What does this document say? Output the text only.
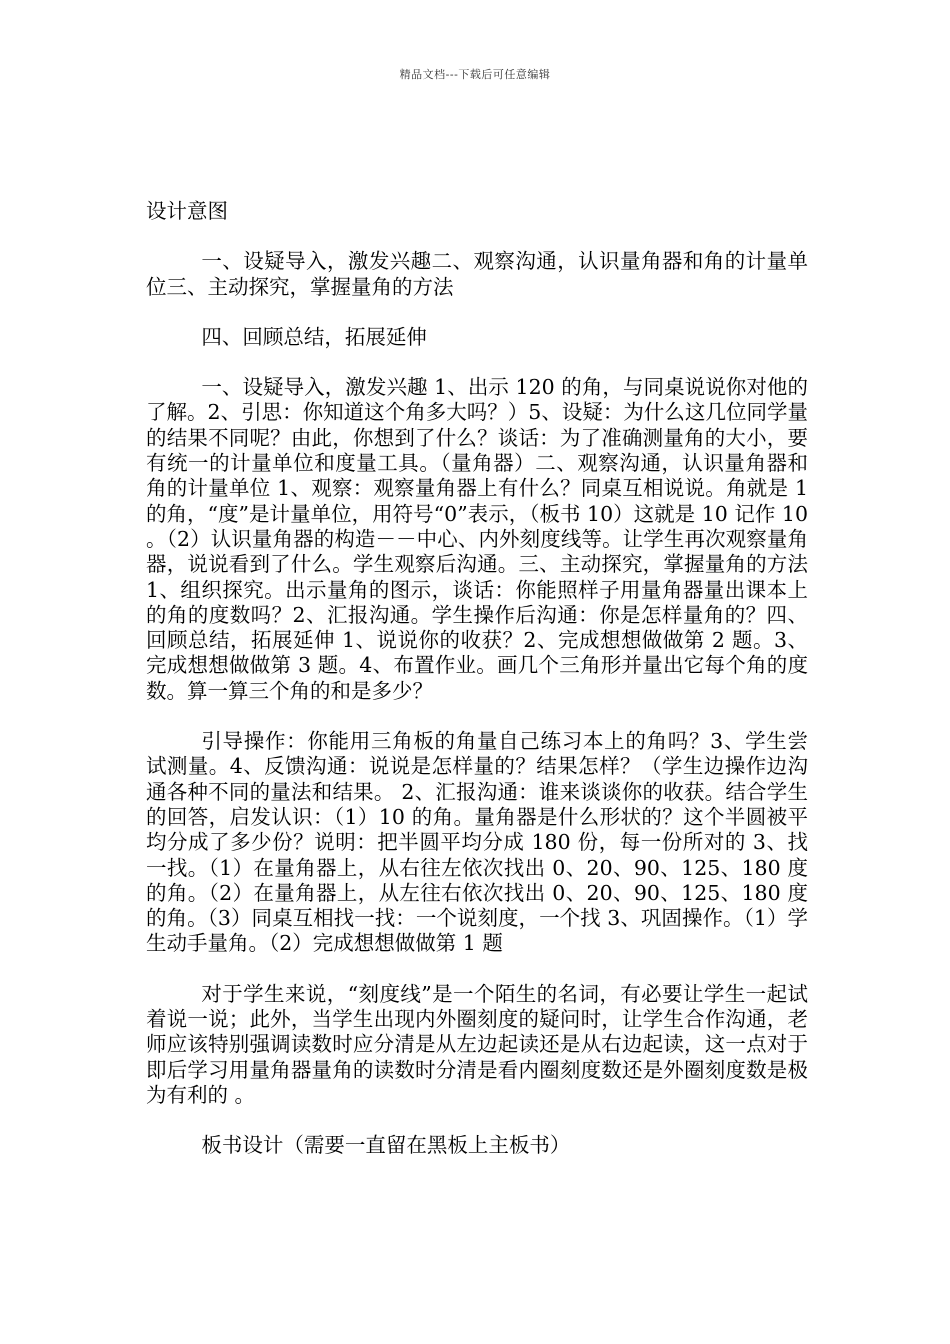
精品文档---下载后可任意编辑

设计意图

一、设疑导入，激发兴趣二、观察沟通，认识量角器和角的计量单位三、主动探究，掌握量角的方法

四、回顾总结，拓展延伸

一、设疑导入，激发兴趣 1、出示 120 的角，与同桌说说你对他的了解。2、引思：你知道这个角多大吗？）5、设疑：为什么这几位同学量的结果不同呢？由此，你想到了什么？谈话：为了准确测量角的大小，要有统一的计量单位和度量工具。（量角器）二、观察沟通，认识量角器和角的计量单位 1、观察：观察量角器上有什么？同桌互相说说。角就是 1 的角，“度”是计量单位，用符号“0”表示，（板书 10）这就是 10 记作 10。（2）认识量角器的构造－－中心、内外刻度线等。让学生再次观察量角器，说说看到了什么。学生观察后沟通。三、主动探究，掌握量角的方法 1、组织探究。出示量角的图示，谈话：你能照样子用量角器量出课本上的角的度数吗？2、汇报沟通。学生操作后沟通：你是怎样量角的？四、回顾总结，拓展延伸 1、说说你的收获？2、完成想想做做第 2 题。3、完成想想做做第 3 题。4、布置作业。画几个三角形并量出它每个角的度数。算一算三个角的和是多少？

引导操作：你能用三角板的角量自己练习本上的角吗？3、学生尝试测量。4、反馈沟通：说说是怎样量的？结果怎样？（学生边操作边沟通各种不同的量法和结果。 2、汇报沟通：谁来谈谈你的收获。结合学生的回答，启发认识：（1）10 的角。量角器是什么形状的？这个半圆被平均分成了多少份？说明：把半圆平均分成 180 份，每一份所对的 3、找一找。（1）在量角器上，从右往左依次找出 0、20、90、125、180 度的角。（2）在量角器上，从左往右依次找出 0、20、90、125、180 度的角。（3）同桌互相找一找：一个说刻度，一个找 3、巩固操作。（1）学生动手量角。（2）完成想想做做第 1 题

对于学生来说，“刻度线”是一个陌生的名词，有必要让学生一起试着说一说；此外，当学生出现内外圈刻度的疑问时，让学生合作沟通，老师应该特别强调读数时应分清是从左边起读还是从右边起读，这一点对于即后学习用量角器量角的读数时分清是看内圈刻度数还是外圈刻度数是极为有利的 。

板书设计（需要一直留在黑板上主板书）
